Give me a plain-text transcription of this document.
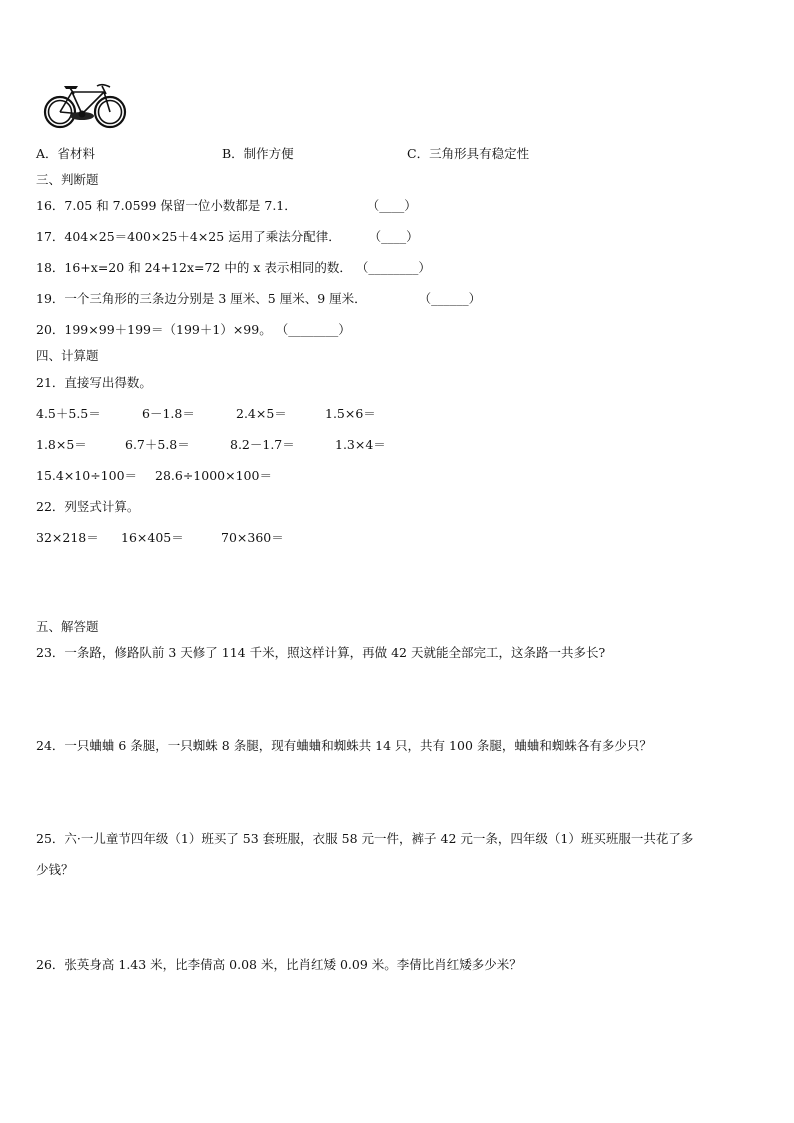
A．省材料	B．制作方便	C．三角形具有稳定性
三、判断题
16．7.05 和 7.0599 保留一位小数都是 7.1．	（____）
17．404×25＝400×25＋4×25 运用了乘法分配律． （____）
18．16+x=20 和 24+12x=72 中的 x 表示相同的数． （________）
19．一个三角形的三条边分别是 3 厘米、5 厘米、9 厘米．	（______）
20．199×99＋199＝（199＋1）×99。 （________）
四、计算题
21．直接写出得数。
4.5＋5.5＝	6－1.8＝	2.4×5＝	1.5×6＝
1.8×5＝	6.7＋5.8＝	8.2－1.7＝	1.3×4＝
15.4×10÷100＝ 28.6÷1000×100＝
22．列竖式计算。
32×218＝ 16×405＝	70×360＝
五、解答题
23．一条路，修路队前 3 天修了 114 千米，照这样计算，再做 42 天就能全部完工，这条路一共多长?
24．一只蛐蛐 6 条腿，一只蜘蛛 8 条腿，现有蛐蛐和蜘蛛共 14 只，共有 100 条腿，蛐蛐和蜘蛛各有多少只？
25．六·一儿童节四年级（1）班买了 53 套班服，衣服 58 元一件，裤子 42 元一条，四年级（1）班买班服一共花了多
少钱？
26．张英身高 1.43 米，比李倩高 0.08 米，比肖红矮 0.09 米。李倩比肖红矮多少米？
